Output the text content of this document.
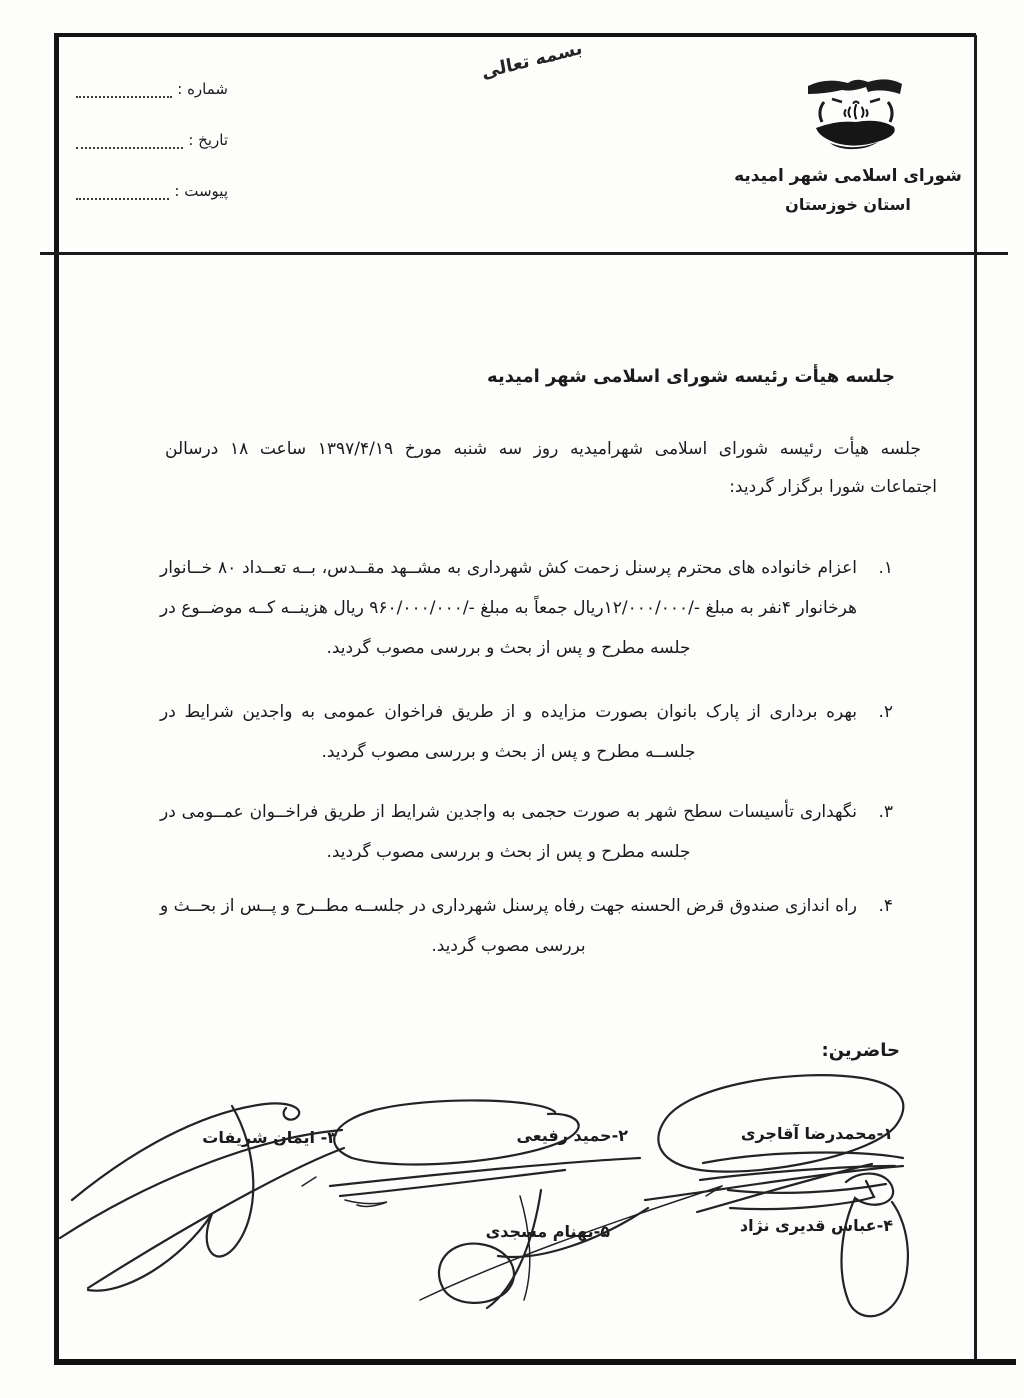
شماره :
تاریخ :
پیوست :
بسمه تعالی
شورای اسلامی شهر امیدیه
استان خوزستان
جلسه هیأت رئیسه شورای اسلامی شهر امیدیه
جلسه هیأت رئیسه شورای اسلامی شهرامیدیه روز سه شنبه مورخ ۱۳۹۷/۴/۱۹ ساعت ۱۸ درسالن
اجتماعات شورا برگزار گردید:
۱.
اعزام خانواده های محترم پرسنل زحمت کش شهرداری به مشــهد مقــدس، بــه تعــداد ۸۰ خــانوار هرخانوار ۴نفر به مبلغ -/۱۲/۰۰۰/۰۰۰ریال جمعاً به مبلغ -/۹۶۰/۰۰۰/۰۰۰ ریال هزینــه کــه موضــوع در جلسه مطرح و پس از بحث و بررسی مصوب گردید.
۲.
بهره برداری از پارک بانوان بصورت مزایده و از طریق فراخوان عمومی به واجدین شرایط در جلســه مطرح و پس از بحث و بررسی مصوب گردید.
۳.
نگهداری تأسیسات سطح شهر به صورت حجمی به واجدین شرایط از طریق فراخــوان عمــومی در جلسه مطرح و پس از بحث و بررسی مصوب گردید.
۴.
راه اندازی صندوق قرض الحسنه جهت رفاه پرسنل شهرداری در جلســه مطــرح و پــس از بحــث و بررسی مصوب گردید.
حاضرین:
۱-محمدرضا آقاجری
۲-حمید رفیعی
۳- ایمان شریفات
۴-عباس قدیری نژاد
۵-بهنام مسجدی
